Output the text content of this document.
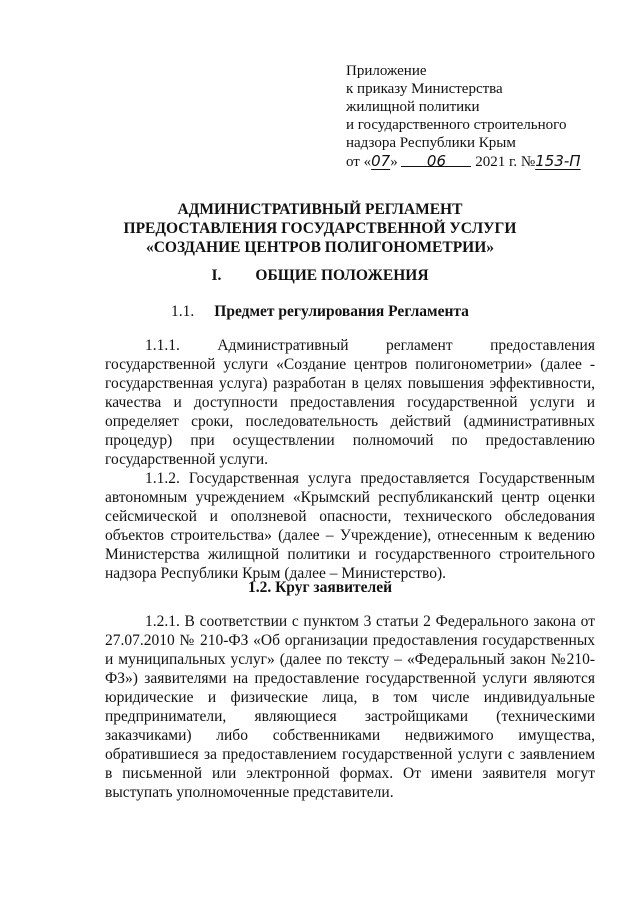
Приложение
к приказу Министерства
жилищной политики
и государственного строительного
надзора Республики Крым
от «07» 06 2021 г. №153-П
АДМИНИСТРАТИВНЫЙ РЕГЛАМЕНТ
ПРЕДОСТАВЛЕНИЯ ГОСУДАРСТВЕННОЙ УСЛУГИ
«СОЗДАНИЕ ЦЕНТРОВ ПОЛИГОНОМЕТРИИ»
I. ОБЩИЕ ПОЛОЖЕНИЯ
1.1. Предмет регулирования Регламента

1.1.1. Административный регламент предоставления государственной услуги «Создание центров полигонометрии» (далее - государственная услуга) разработан в целях повышения эффективности, качества и доступности предоставления государственной услуги и определяет сроки, последовательность действий (административных процедур) при осуществлении полномочий по предоставлению государственной услуги.

1.1.2. Государственная услуга предоставляется Государственным автономным учреждением «Крымский республиканский центр оценки сейсмической и оползневой опасности, технического обследования объектов строительства» (далее – Учреждение), отнесенным к ведению Министерства жилищной политики и государственного строительного надзора Республики Крым (далее – Министерство).

1.2. Круг заявителей

1.2.1. В соответствии с пунктом 3 статьи 2 Федерального закона от 27.07.2010 № 210-ФЗ «Об организации предоставления государственных и муниципальных услуг» (далее по тексту – «Федеральный закон №210-ФЗ») заявителями на предоставление государственной услуги являются юридические и физические лица, в том числе индивидуальные предприниматели, являющиеся застройщиками (техническими заказчиками) либо собственниками недвижимого имущества, обратившиеся за предоставлением государственной услуги с заявлением в письменной или электронной формах. От имени заявителя могут выступать уполномоченные представители.
